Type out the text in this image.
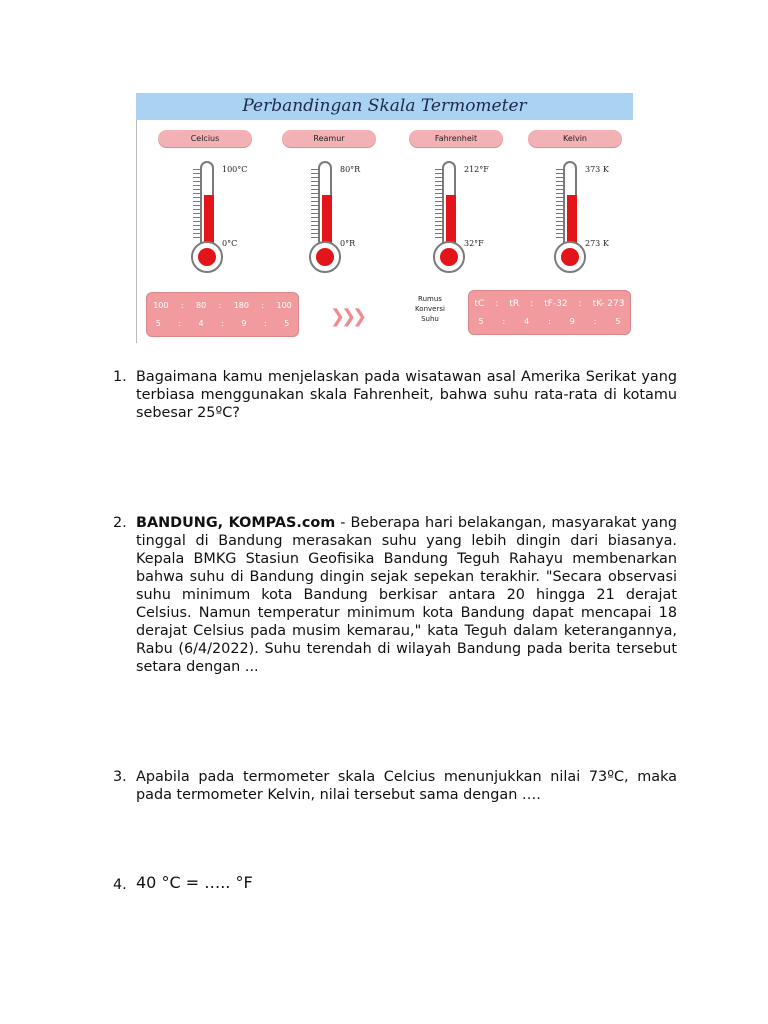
Perbandingan Skala Termometer
Celcius	Reamur	Fahrenheit	Kelvin
100°C
0°C
80°R
0°R
212°F
32°F
373 K
273 K
100 : 80 : 180 : 100
5 : 4 : 9 : 5 ❯❯❯
Rumus Konversi Suhu
tC : tR : tF-32 : tK- 273
5 : 4 : 9 : 5
1. Bagaimana kamu menjelaskan pada wisatawan asal Amerika Serikat yang terbiasa menggunakan skala Fahrenheit, bahwa suhu rata-rata di kotamu sebesar 25ºC?
2. BANDUNG, KOMPAS.com - Beberapa hari belakangan, masyarakat yang tinggal di Bandung merasakan suhu yang lebih dingin dari biasanya. Kepala BMKG Stasiun Geofisika Bandung Teguh Rahayu membenarkan bahwa suhu di Bandung dingin sejak sepekan terakhir. "Secara observasi suhu minimum kota Bandung berkisar antara 20 hingga 21 derajat Celsius. Namun temperatur minimum kota Bandung dapat mencapai 18 derajat Celsius pada musim kemarau," kata Teguh dalam keterangannya, Rabu (6/4/2022). Suhu terendah di wilayah Bandung pada berita tersebut setara dengan ...
3. Apabila pada termometer skala Celcius menunjukkan nilai 73ºC, maka pada termometer Kelvin, nilai tersebut sama dengan ….
4. 40 °C = ….. °F
